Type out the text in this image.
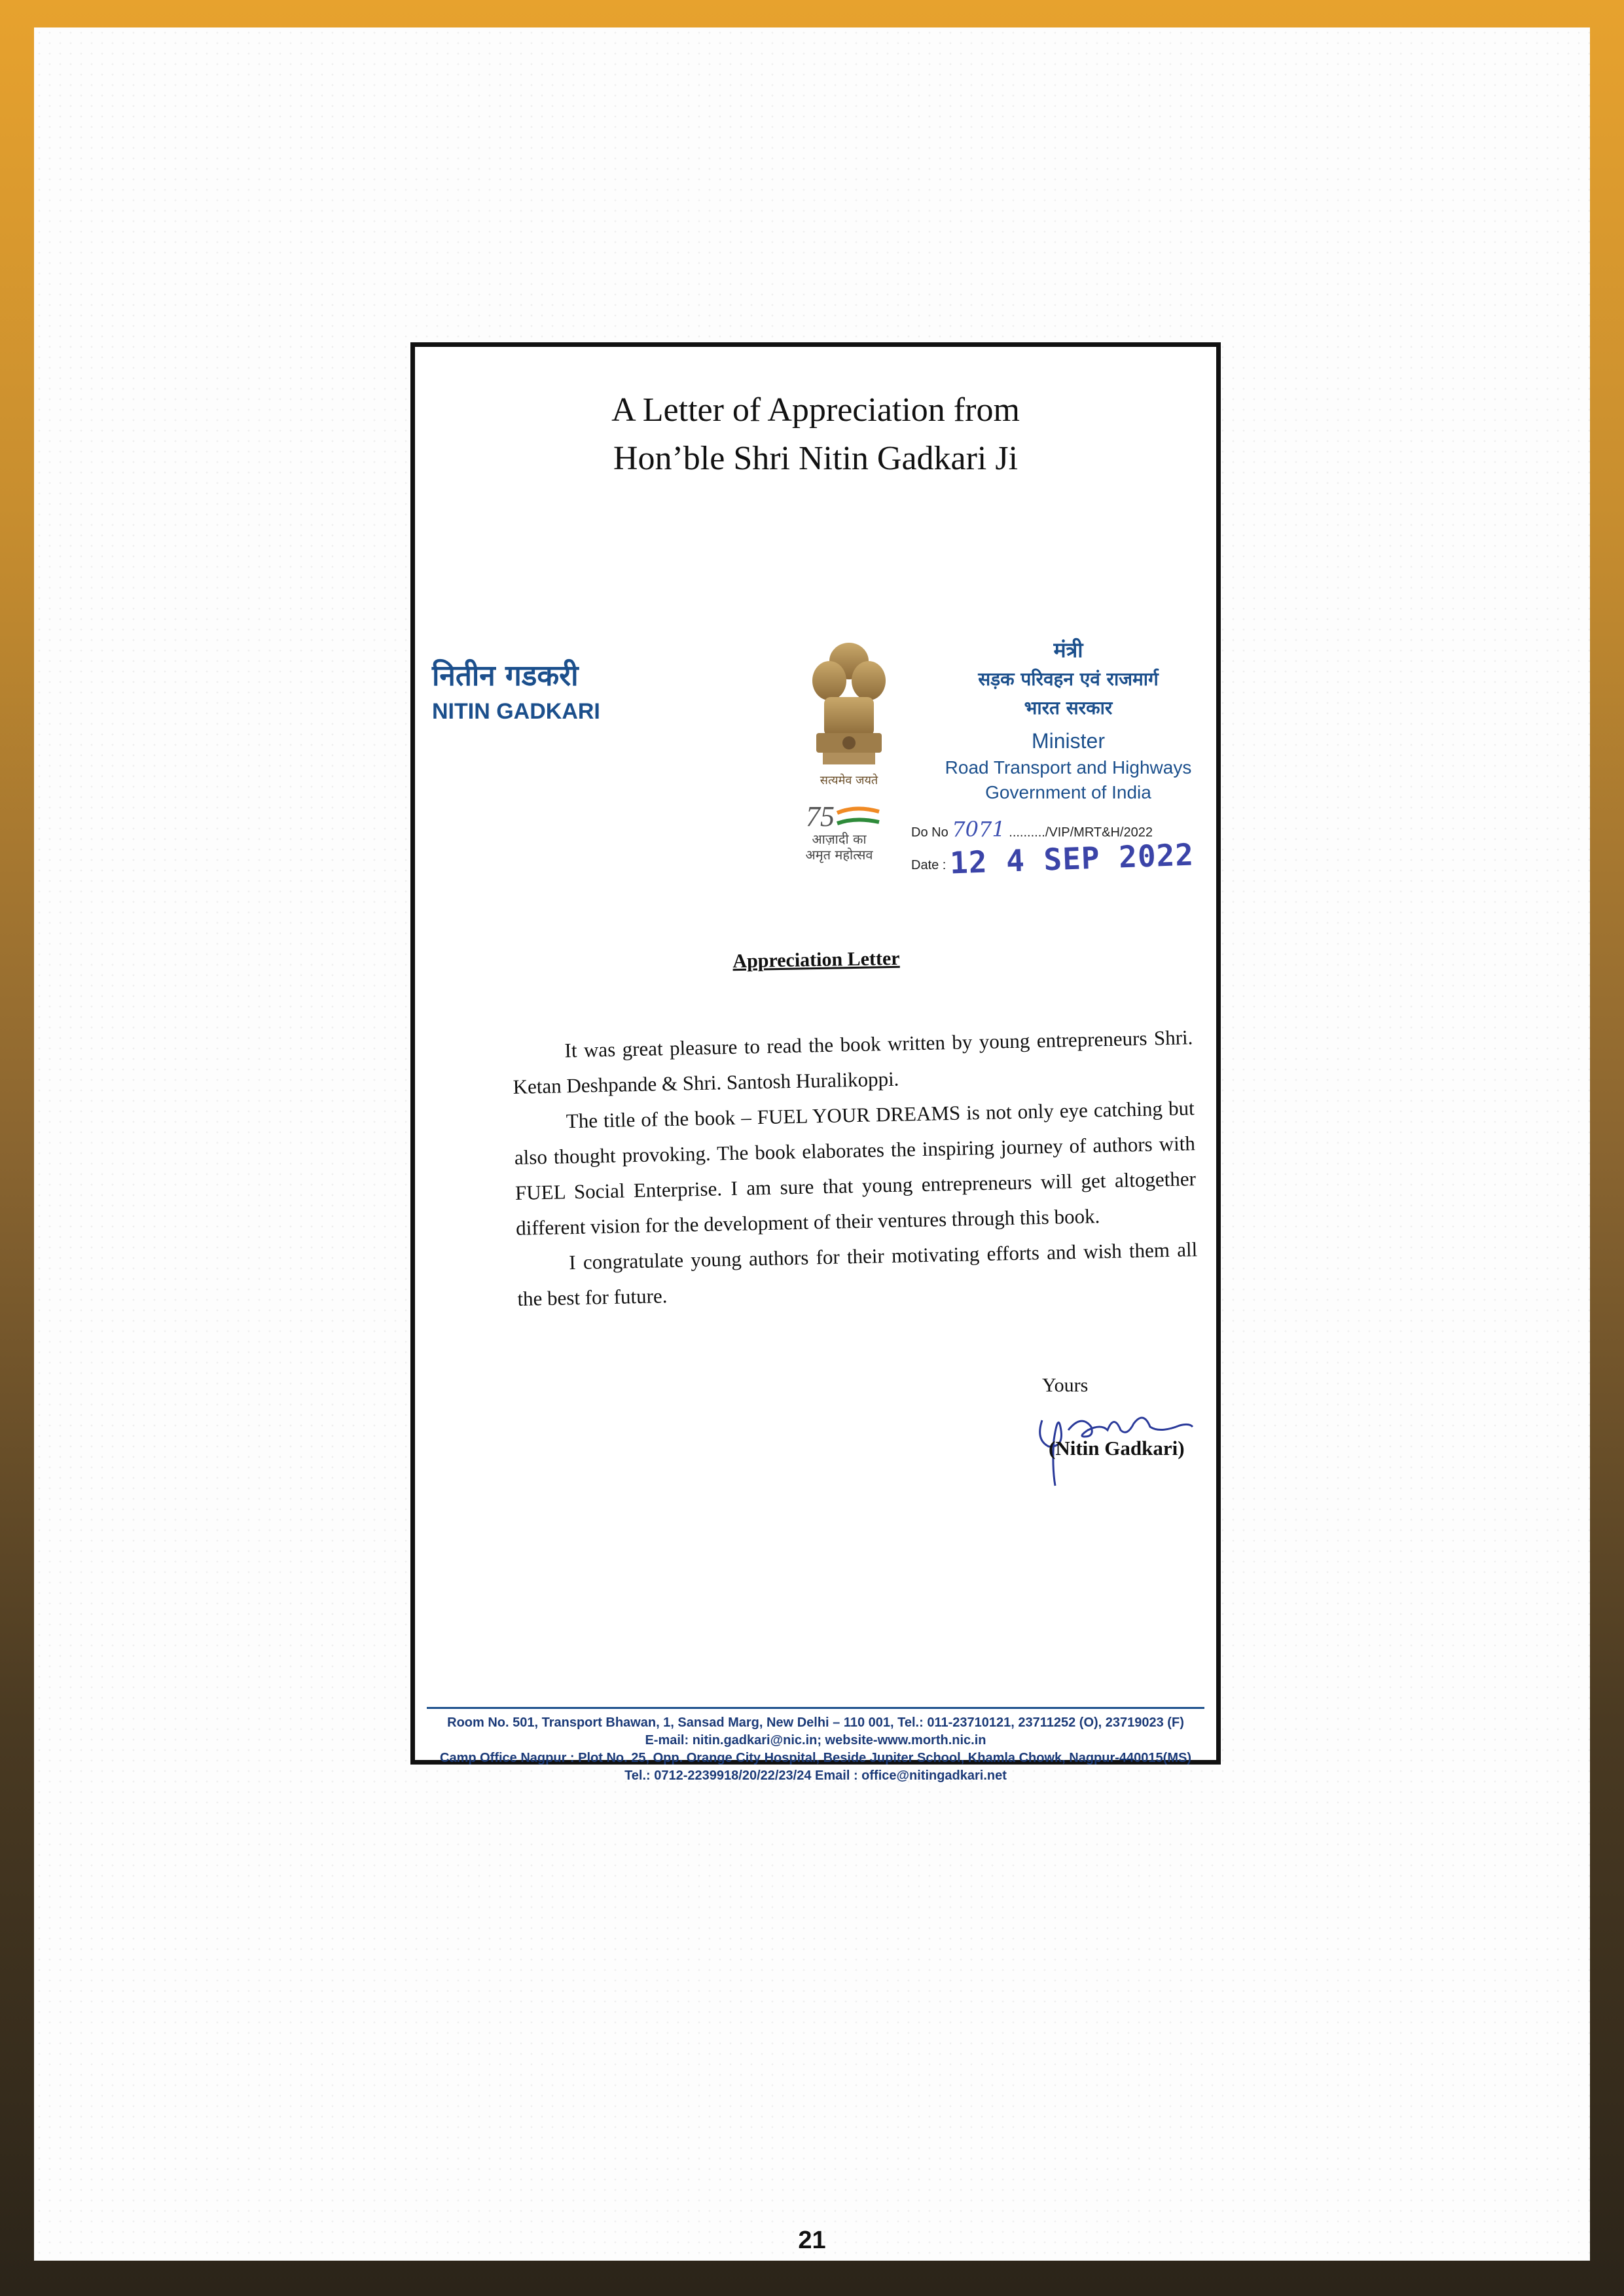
A Letter of Appreciation from
Hon’ble Shri Nitin Gadkari Ji
नितीन गडकरी
NITIN GADKARI
सत्यमेव जयते
75
आज़ादी का
अमृत महोत्सव
मंत्री
सड़क परिवहन एवं राजमार्ग
भारत सरकार
Minister
Road Transport and Highways
Government of India
Do No 7071 ........../VIP/MRT&H/2022
Date : 12 4 SEP 2022
Appreciation Letter

It was great pleasure to read the book written by young entrepreneurs Shri. Ketan Deshpande & Shri. Santosh Huralikoppi.

The title of the book – FUEL YOUR DREAMS is not only eye catching but also thought provoking. The book elaborates the inspiring journey of authors with FUEL Social Enterprise. I am sure that young entrepreneurs will get altogether different vision for the development of their ventures through this book.

I congratulate young authors for their motivating efforts and wish them all the best for future.

Yours
(Nitin Gadkari)
Room No. 501, Transport Bhawan, 1, Sansad Marg, New Delhi – 110 001, Tel.: 011-23710121, 23711252 (O), 23719023 (F)
E-mail: nitin.gadkari@nic.in; website-www.morth.nic.in
Camp Office Nagpur : Plot No. 25, Opp. Orange City Hospital, Beside Jupiter School, Khamla Chowk, Nagpur-440015(MS)
Tel.: 0712-2239918/20/22/23/24 Email : office@nitingadkari.net
21
